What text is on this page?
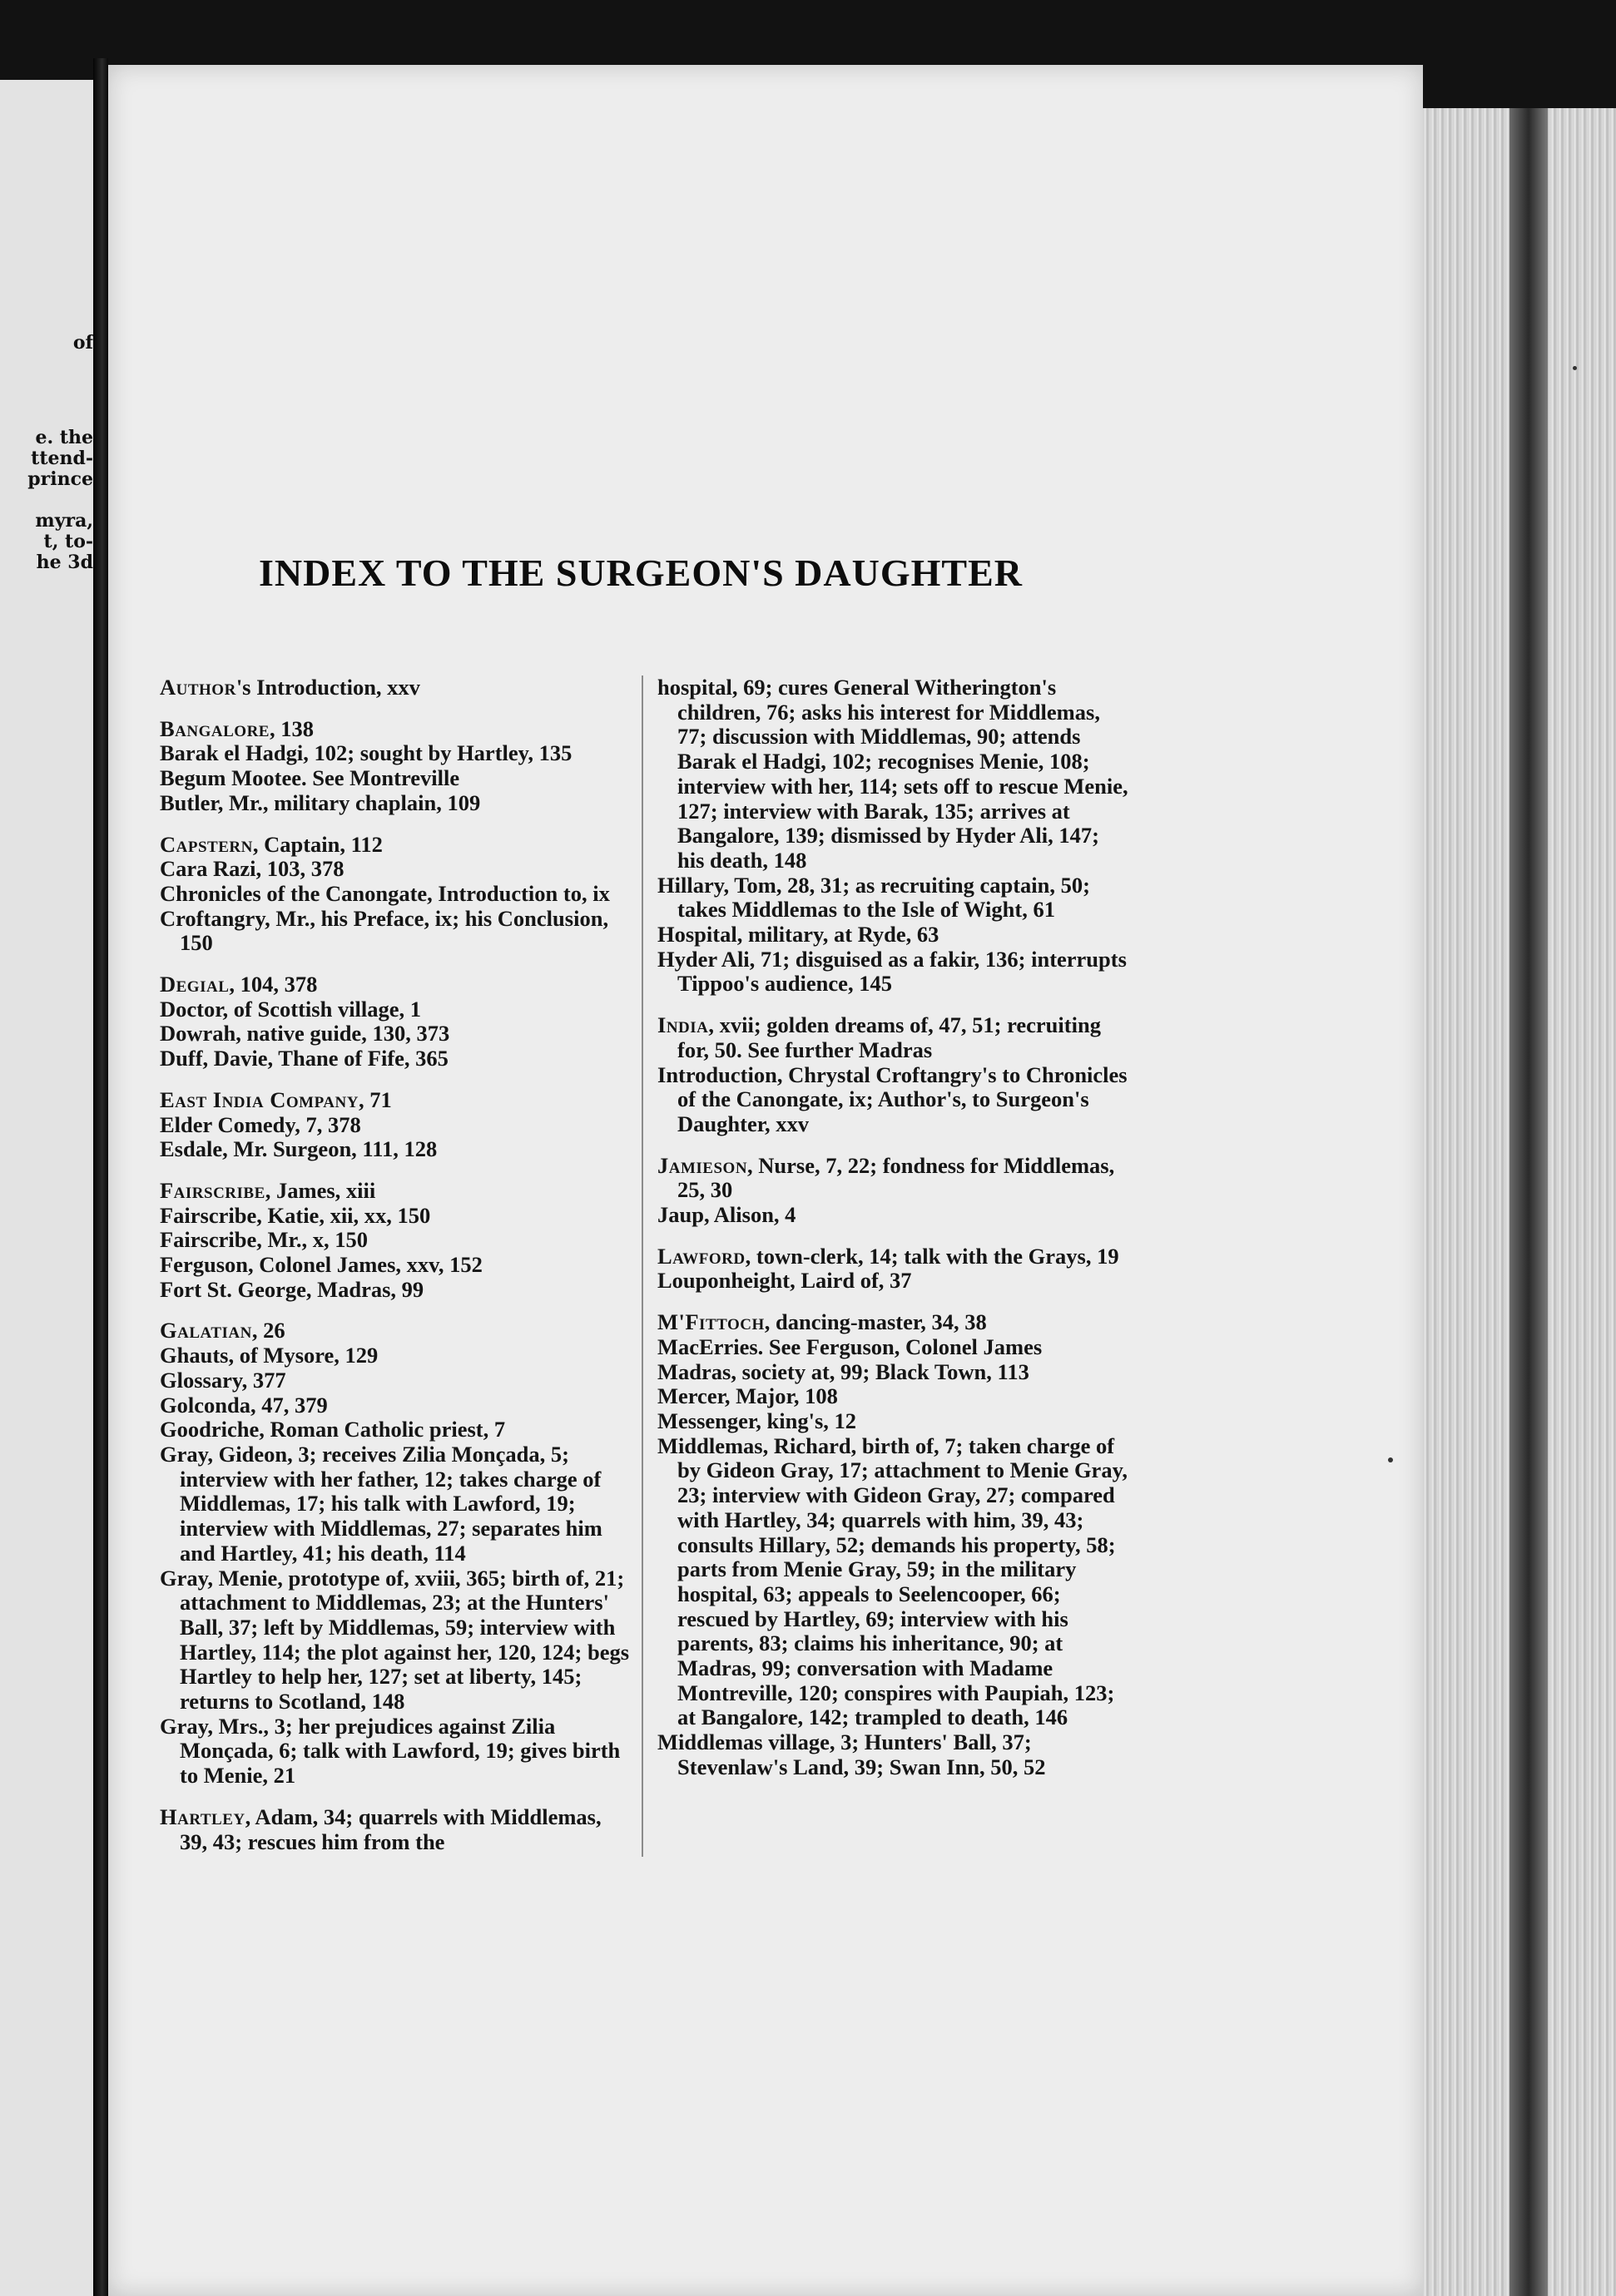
of
e. the
ttend-
prince
myra,
t, to-
he 3d	INDEX TO THE SURGEON'S DAUGHTER
Author's Introduction, xxv
Bangalore, 138
Barak el Hadgi, 102; sought by Hartley, 135
Begum Mootee. See Montreville
Butler, Mr., military chaplain, 109
Capstern, Captain, 112
Cara Razi, 103, 378
Chronicles of the Canongate, Introduction to, ix
Croftangry, Mr., his Preface, ix; his Conclusion, 150
Degial, 104, 378
Doctor, of Scottish village, 1
Dowrah, native guide, 130, 373
Duff, Davie, Thane of Fife, 365
East India Company, 71
Elder Comedy, 7, 378
Esdale, Mr. Surgeon, 111, 128
Fairscribe, James, xiii
Fairscribe, Katie, xii, xx, 150
Fairscribe, Mr., x, 150
Ferguson, Colonel James, xxv, 152
Fort St. George, Madras, 99
Galatian, 26
Ghauts, of Mysore, 129
Glossary, 377
Golconda, 47, 379
Goodriche, Roman Catholic priest, 7
Gray, Gideon, 3; receives Zilia Monçada, 5; interview with her father, 12; takes charge of Middlemas, 17; his talk with Lawford, 19; interview with Middlemas, 27; separates him and Hartley, 41; his death, 114
Gray, Menie, prototype of, xviii, 365; birth of, 21; attachment to Middlemas, 23; at the Hunters' Ball, 37; left by Middlemas, 59; interview with Hartley, 114; the plot against her, 120, 124; begs Hartley to help her, 127; set at liberty, 145; returns to Scotland, 148
Gray, Mrs., 3; her prejudices against Zilia Monçada, 6; talk with Lawford, 19; gives birth to Menie, 21
Hartley, Adam, 34; quarrels with Middlemas, 39, 43; rescues him from the
hospital, 69; cures General Witherington's children, 76; asks his interest for Middlemas, 77; discussion with Middlemas, 90; attends Barak el Hadgi, 102; recognises Menie, 108; interview with her, 114; sets off to rescue Menie, 127; interview with Barak, 135; arrives at Bangalore, 139; dismissed by Hyder Ali, 147; his death, 148
Hillary, Tom, 28, 31; as recruiting captain, 50; takes Middlemas to the Isle of Wight, 61
Hospital, military, at Ryde, 63
Hyder Ali, 71; disguised as a fakir, 136; interrupts Tippoo's audience, 145
India, xvii; golden dreams of, 47, 51; recruiting for, 50. See further Madras
Introduction, Chrystal Croftangry's to Chronicles of the Canongate, ix; Author's, to Surgeon's Daughter, xxv
Jamieson, Nurse, 7, 22; fondness for Middlemas, 25, 30
Jaup, Alison, 4
Lawford, town-clerk, 14; talk with the Grays, 19
Louponheight, Laird of, 37
M'Fittoch, dancing-master, 34, 38
MacErries. See Ferguson, Colonel James
Madras, society at, 99; Black Town, 113
Mercer, Major, 108
Messenger, king's, 12
Middlemas, Richard, birth of, 7; taken charge of by Gideon Gray, 17; attachment to Menie Gray, 23; interview with Gideon Gray, 27; compared with Hartley, 34; quarrels with him, 39, 43; consults Hillary, 52; demands his property, 58; parts from Menie Gray, 59; in the military hospital, 63; appeals to Seelencooper, 66; rescued by Hartley, 69; interview with his parents, 83; claims his inheritance, 90; at Madras, 99; conversation with Madame Montreville, 120; conspires with Paupiah, 123; at Bangalore, 142; trampled to death, 146
Middlemas village, 3; Hunters' Ball, 37; Stevenlaw's Land, 39; Swan Inn, 50, 52
